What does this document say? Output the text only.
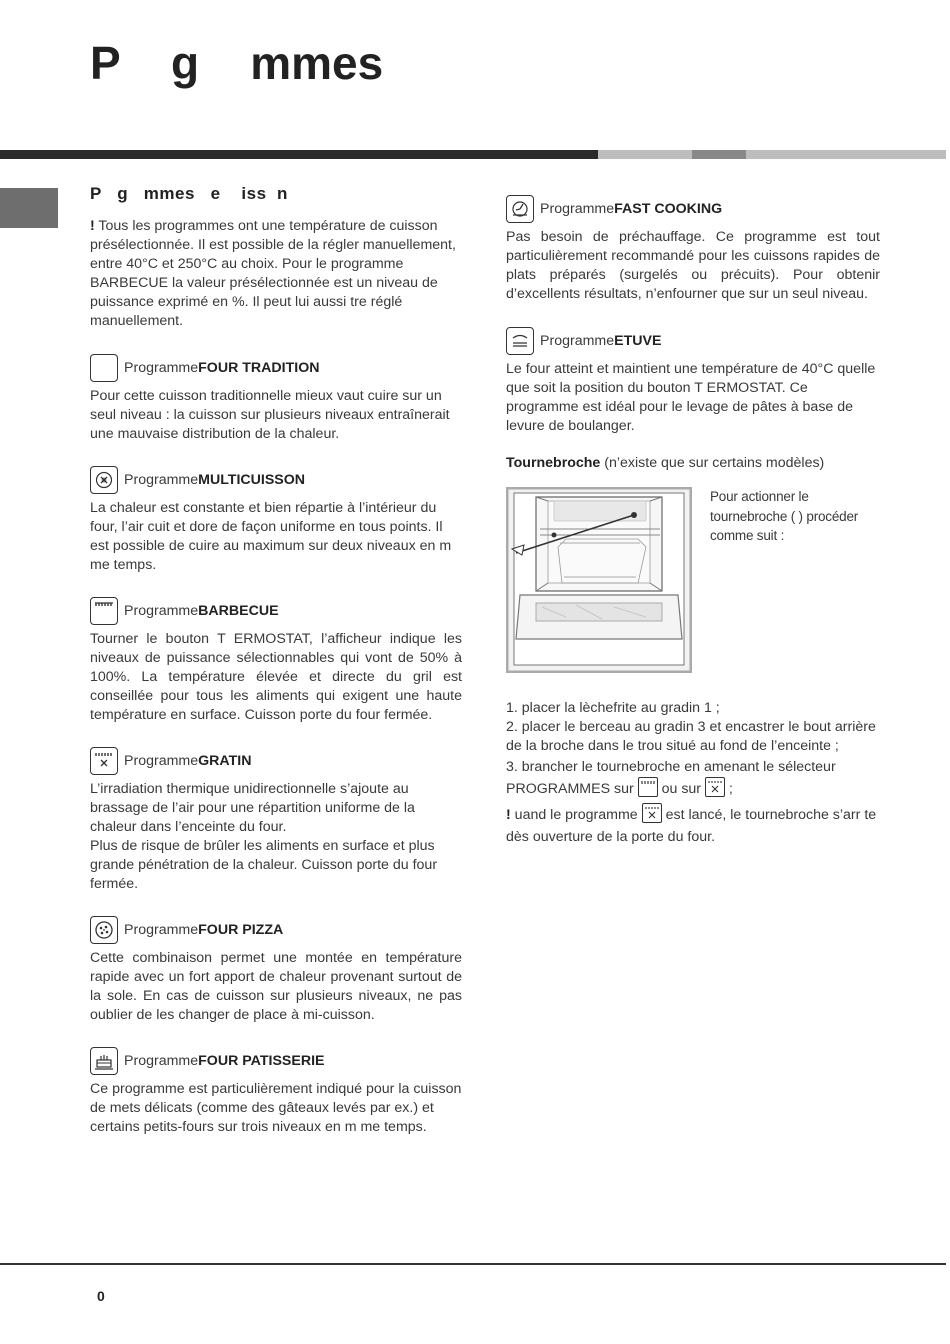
P    g    mmes
P   g   mmes   e    iss  n

! Tous les programmes ont une température de cuisson présélectionnée. Il est possible de la régler manuellement, entre 40°C et 250°C au choix. Pour le programme BARBECUE la valeur présélectionnée est un niveau de puissance exprimé en %. Il peut lui aussi tre réglé manuellement.

Programme FOUR TRADITION

Pour cette cuisson traditionnelle mieux vaut cuire sur un seul niveau : la cuisson sur plusieurs niveaux entraînerait une mauvaise distribution de la chaleur.

Programme MULTICUISSON

La chaleur est constante et bien répartie à l’intérieur du four, l’air cuit et dore de façon uniforme en tous points. Il est possible de cuire au maximum sur deux niveaux en m me temps.

Programme BARBECUE

Tourner le bouton T ERMOSTAT, l’afficheur indique les niveaux de puissance sélectionnables qui vont de 50% à 100%. La température élevée et directe du gril est conseillée pour tous les aliments qui exigent une haute température en surface. Cuisson porte du four fermée.

Programme GRATIN

L’irradiation thermique unidirectionnelle s’ajoute au brassage de l’air pour une répartition uniforme de la chaleur dans l’enceinte du four.
Plus de risque de brûler les aliments en surface et plus grande pénétration de la chaleur. Cuisson porte du four fermée.

Programme FOUR PIZZA

Cette combinaison permet une montée en température rapide avec un fort apport de chaleur provenant surtout de la sole. En cas de cuisson sur plusieurs niveaux, ne pas oublier de les changer de place à mi-cuisson.

Programme FOUR PATISSERIE

Ce programme est particulièrement indiqué pour la cuisson de mets délicats (comme des gâteaux levés par ex.) et certains petits-fours sur trois niveaux en m me temps.

Programme FAST COOKING

Pas besoin de préchauffage. Ce programme est tout particulièrement recommandé pour les cuissons rapides de plats préparés (surgelés ou précuits). Pour obtenir d’excellents résultats, n’enfourner que sur un seul niveau.

Programme ETUVE

Le four atteint et maintient une température de 40°C quelle que soit la position du bouton T ERMOSTAT. Ce programme est idéal pour le levage de pâtes à base de levure de boulanger.

Tournebroche (n’existe que sur certains modèles)

Pour actionner le tournebroche ( ) procéder comme suit :

1. placer la lèchefrite au gradin 1 ;

2. placer le berceau au gradin 3 et encastrer le bout arrière de la broche dans le trou situé au fond de l’enceinte ;

3. brancher le tournebroche en amenant le sélecteur PROGRAMMES sur
ou sur
;

! uand le programme
est lancé, le tournebroche s’arr te dès ouverture de la porte du four.

0
